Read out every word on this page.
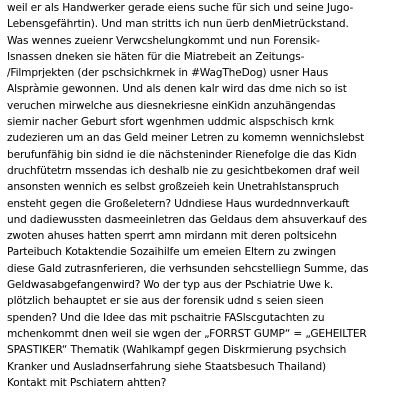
weil er als Handwerker gerade eiens suche für sich und seine Jugo-
Lebensgefährtin). Und man stritts ich nun üerb denMietrückstand.
Was wennes zueienr Verwcshelungkommt und nun Forensik-
Isnassen dneken sie häten für die Miatrebeit an Zeitungs-
/Filmprjekten (der pschsichkrnek in #WagTheDog) usner Haus
Alspràmie gewonnen. Und als denen kalr wird das dme nich so ist
veruchen mirwelche aus diesnekriesne einKidn anzuhängendas
siemir nacher Geburt sfort wgenhmen uddmic alspschisch krnk
zudezieren um an das Geld meiner Letren zu komemn wennichslebst
berufunfähig bin sidnd ie die nächsteninder Rienefolge die das Kidn
druchfütetrn mssendas ich deshalb nie zu gesichtbekomen draf weil
ansonsten wennich es selbst großzeieh kein Unetrahlstanspruch
ensteht gegen die Großeletern? Udndiese Haus wurdednnverkauft
und dadiewussten dasmeeinletren das Geldaus dem ahsuverkauf des
zwoten ahuses hatten sperrt amn mirdann mit deren poltsicehn
Parteibuch Kotaktendie Sozaihilfe um emeien Eltern zu zwingen
diese Gald zutrasnferieren, die verhsunden sehcstelliegn Summe, das
Geldwasabgefangenwird? Wo der typ aus der Pschiatrie Uwe k.
plötzlich behauptet er sie aus der forensik udnd s seien sieen
spenden? Und die Idee das mit pschaitrie FASlscgutachten zu
mchenkommt dnen weil sie wgen der „FORRST GUMP“ = „GEHEILTER
SPASTIKER“ Thematik (Wahlkampf gegen Diskrmierung psychsich
Kranker und Ausladnserfahrung siehe Staatsbesuch Thailand)
Kontakt mit Pschiatern ahtten?
